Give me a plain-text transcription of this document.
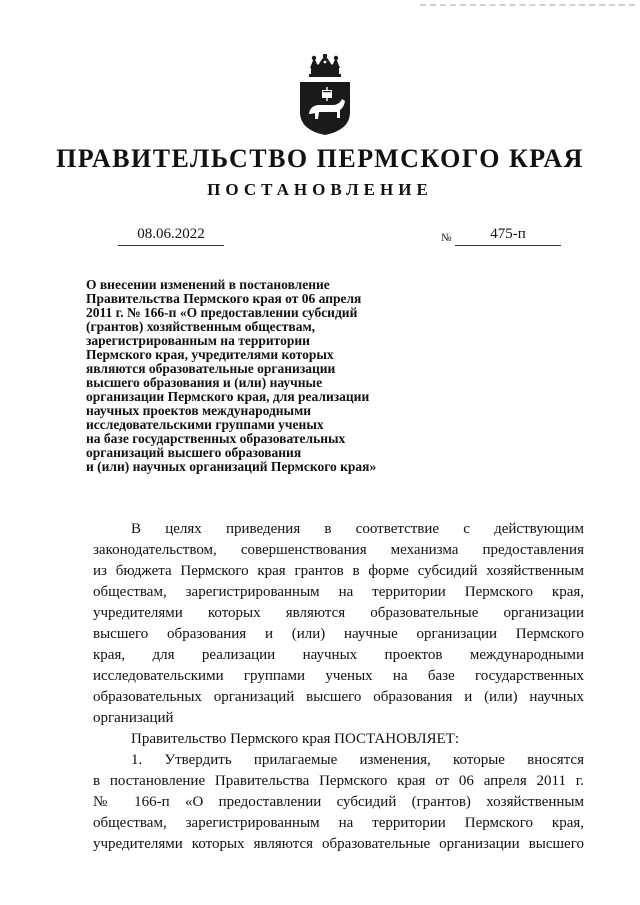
ПРАВИТЕЛЬСТВО ПЕРМСКОГО КРАЯ
ПОСТАНОВЛЕНИЕ
08.06.2022	№	475-п
О внесении изменений в постановление
Правительства Пермского края от 06 апреля
2011 г. № 166-п «О предоставлении субсидий
(грантов) хозяйственным обществам,
зарегистрированным на территории
Пермского края, учредителями которых
являются образовательные организации
высшего образования и (или) научные
организации Пермского края, для реализации
научных проектов международными
исследовательскими группами ученых
на базе государственных образовательных
организаций высшего образования
и (или) научных организаций Пермского края»
В целях приведения в соответствие с действующим
законодательством, совершенствования механизма предоставления
из бюджета Пермского края грантов в форме субсидий хозяйственным
обществам, зарегистрированным на территории Пермского края,
учредителями которых являются образовательные организации
высшего образования и (или) научные организации Пермского
края, для реализации научных проектов международными
исследовательскими группами ученых на базе государственных
образовательных организаций высшего образования и (или) научных
организаций
Правительство Пермского края ПОСТАНОВЛЯЕТ:
1. Утвердить прилагаемые изменения, которые вносятся
в постановление Правительства Пермского края от 06 апреля 2011 г.
№ 166-п «О предоставлении субсидий (грантов) хозяйственным
обществам, зарегистрированным на территории Пермского края,
учредителями которых являются образовательные организации высшего
